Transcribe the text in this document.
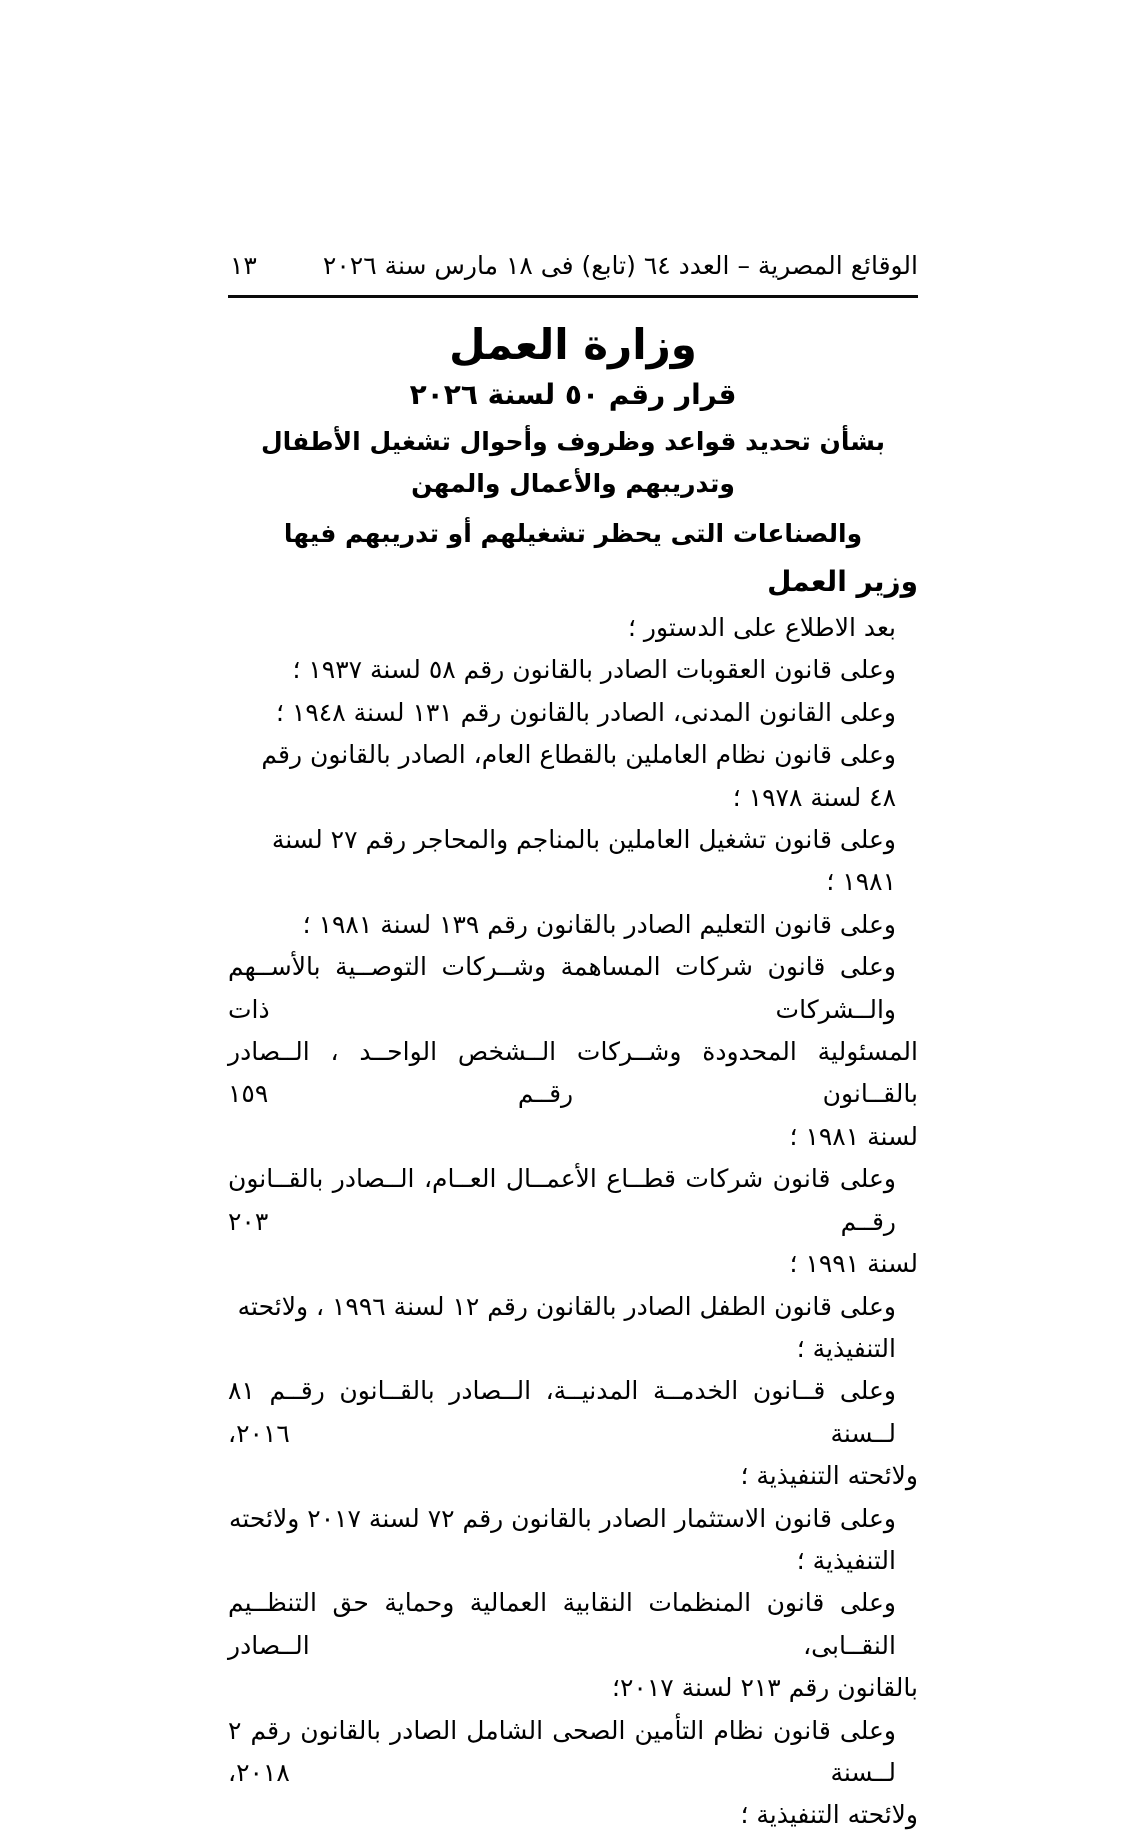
الوقائع المصرية – العدد ٦٤ (تابع) فى ١٨ مارس سنة ٢٠٢٦
١٣
وزارة العمل
قرار رقم ٥٠ لسنة ٢٠٢٦
بشأن تحديد قواعد وظروف وأحوال تشغيل الأطفال وتدريبهم والأعمال والمهن
والصناعات التى يحظر تشغيلهم أو تدريبهم فيها
وزير العمل
بعد الاطلاع على الدستور ؛
وعلى قانون العقوبات الصادر بالقانون رقم ٥٨ لسنة ١٩٣٧ ؛
وعلى القانون المدنى، الصادر بالقانون رقم ١٣١ لسنة ١٩٤٨ ؛
وعلى قانون نظام العاملين بالقطاع العام، الصادر بالقانون رقم ٤٨ لسنة ١٩٧٨ ؛
وعلى قانون تشغيل العاملين بالمناجم والمحاجر رقم ٢٧ لسنة ١٩٨١ ؛
وعلى قانون التعليم الصادر بالقانون رقم ١٣٩ لسنة ١٩٨١ ؛
وعلى قانون شركات المساهمة وشــركات التوصــية بالأســهم والــشركات ذات
المسئولية المحدودة وشــركات الــشخص الواحــد ، الــصادر بالقــانون رقــم ١٥٩
لسنة ١٩٨١ ؛
وعلى قانون شركات قطــاع الأعمــال العــام، الــصادر بالقــانون رقــم ٢٠٣
لسنة ١٩٩١ ؛
وعلى قانون الطفل الصادر بالقانون رقم ١٢ لسنة ١٩٩٦ ، ولائحته التنفيذية ؛
وعلى قــانون الخدمــة المدنيــة، الــصادر بالقــانون رقــم ٨١ لــسنة ٢٠١٦،
ولائحته التنفيذية ؛
وعلى قانون الاستثمار الصادر بالقانون رقم ٧٢ لسنة ٢٠١٧ ولائحته التنفيذية ؛
وعلى قانون المنظمات النقابية العمالية وحماية حق التنظــيم النقــابى، الــصادر
بالقانون رقم ٢١٣ لسنة ٢٠١٧؛
وعلى قانون نظام التأمين الصحى الشامل الصادر بالقانون رقم ٢ لــسنة ٢٠١٨،
ولائحته التنفيذية ؛
